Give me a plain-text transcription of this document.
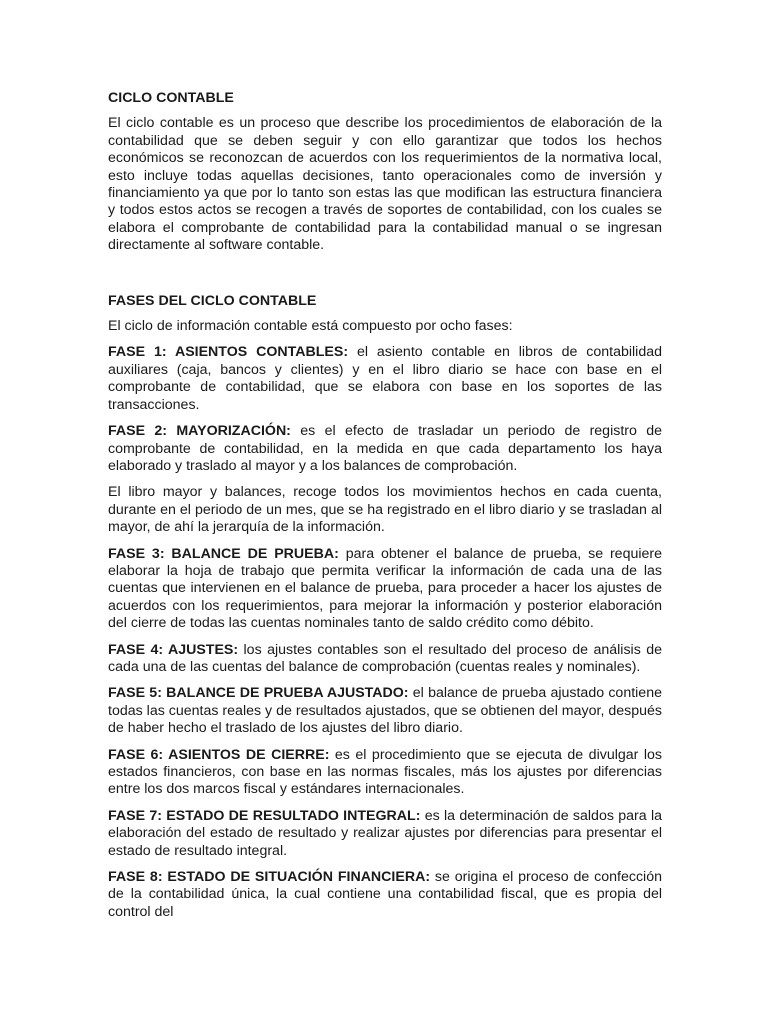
CICLO CONTABLE

El ciclo contable es un proceso que describe los procedimientos de elaboración de la contabilidad que se deben seguir y con ello garantizar que todos los hechos económicos se reconozcan de acuerdos con los requerimientos de la normativa local, esto incluye todas aquellas decisiones, tanto operacionales como de inversión y financiamiento ya que por lo tanto son estas las que modifican las estructura financiera y todos estos actos se recogen a través de soportes de contabilidad, con los cuales se elabora el comprobante de contabilidad para la contabilidad manual o se ingresan directamente al software contable.

FASES DEL CICLO CONTABLE

El ciclo de información contable está compuesto por ocho fases:

FASE 1: ASIENTOS CONTABLES: el asiento contable en libros de contabilidad auxiliares (caja, bancos y clientes) y en el libro diario se hace con base en el comprobante de contabilidad, que se elabora con base en los soportes de las transacciones.

FASE 2: MAYORIZACIÓN: es el efecto de trasladar un periodo de registro de comprobante de contabilidad, en la medida en que cada departamento los haya elaborado y traslado al mayor y a los balances de comprobación.

El libro mayor y balances, recoge todos los movimientos hechos en cada cuenta, durante en el periodo de un mes, que se ha registrado en el libro diario y se trasladan al mayor, de ahí la jerarquía de la información.

FASE 3: BALANCE DE PRUEBA: para obtener el balance de prueba, se requiere elaborar la hoja de trabajo que permita verificar la información de cada una de las cuentas que intervienen en el balance de prueba, para proceder a hacer los ajustes de acuerdos con los requerimientos, para mejorar la información y posterior elaboración del cierre de todas las cuentas nominales tanto de saldo crédito como débito.

FASE 4: AJUSTES: los ajustes contables son el resultado del proceso de análisis de cada una de las cuentas del balance de comprobación (cuentas reales y nominales).

FASE 5: BALANCE DE PRUEBA AJUSTADO: el balance de prueba ajustado contiene todas las cuentas reales y de resultados ajustados, que se obtienen del mayor, después de haber hecho el traslado de los ajustes del libro diario.

FASE 6: ASIENTOS DE CIERRE: es el procedimiento que se ejecuta de divulgar los estados financieros, con base en las normas fiscales, más los ajustes por diferencias entre los dos marcos fiscal y estándares internacionales.

FASE 7: ESTADO DE RESULTADO INTEGRAL: es la determinación de saldos para la elaboración del estado de resultado y realizar ajustes por diferencias para presentar el estado de resultado integral.

FASE 8: ESTADO DE SITUACIÓN FINANCIERA: se origina el proceso de confección de la contabilidad única, la cual contiene una contabilidad fiscal, que es propia del control del
